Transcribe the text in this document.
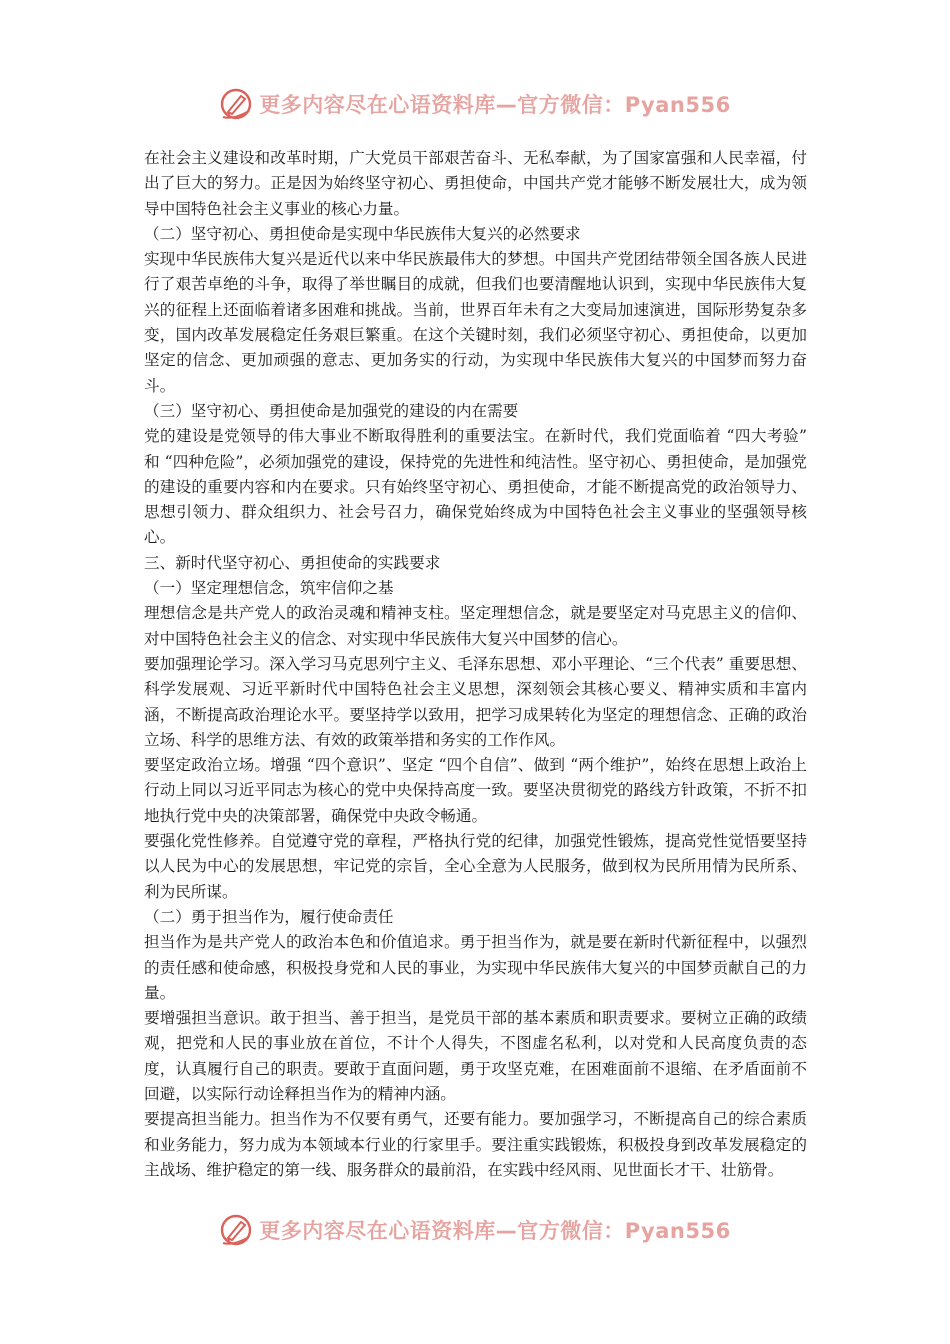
更多内容尽在心语资料库—官方微信：Pyan556

在社会主义建设和改革时期，广大党员干部艰苦奋斗、无私奉献，为了国家富强和人民幸福，付出了巨大的努力。正是因为始终坚守初心、勇担使命，中国共产党才能够不断发展壮大，成为领导中国特色社会主义事业的核心力量。

（二）坚守初心、勇担使命是实现中华民族伟大复兴的必然要求

实现中华民族伟大复兴是近代以来中华民族最伟大的梦想。中国共产党团结带领全国各族人民进行了艰苦卓绝的斗争，取得了举世瞩目的成就，但我们也要清醒地认识到，实现中华民族伟大复兴的征程上还面临着诸多困难和挑战。当前，世界百年未有之大变局加速演进，国际形势复杂多变，国内改革发展稳定任务艰巨繁重。在这个关键时刻，我们必须坚守初心、勇担使命，以更加坚定的信念、更加顽强的意志、更加务实的行动，为实现中华民族伟大复兴的中国梦而努力奋斗。

（三）坚守初心、勇担使命是加强党的建设的内在需要

党的建设是党领导的伟大事业不断取得胜利的重要法宝。在新时代，我们党面临着 “四大考验” 和 “四种危险”，必须加强党的建设，保持党的先进性和纯洁性。坚守初心、勇担使命，是加强党的建设的重要内容和内在要求。只有始终坚守初心、勇担使命，才能不断提高党的政治领导力、思想引领力、群众组织力、社会号召力，确保党始终成为中国特色社会主义事业的坚强领导核心。

三、新时代坚守初心、勇担使命的实践要求

（一）坚定理想信念，筑牢信仰之基

理想信念是共产党人的政治灵魂和精神支柱。坚定理想信念，就是要坚定对马克思主义的信仰、对中国特色社会主义的信念、对实现中华民族伟大复兴中国梦的信心。

要加强理论学习。深入学习马克思列宁主义、毛泽东思想、邓小平理论、“三个代表” 重要思想、科学发展观、习近平新时代中国特色社会主义思想，深刻领会其核心要义、精神实质和丰富内涵，不断提高政治理论水平。要坚持学以致用，把学习成果转化为坚定的理想信念、正确的政治立场、科学的思维方法、有效的政策举措和务实的工作作风。

要坚定政治立场。增强 “四个意识”、坚定 “四个自信”、做到 “两个维护”，始终在思想上政治上行动上同以习近平同志为核心的党中央保持高度一致。要坚决贯彻党的路线方针政策，不折不扣地执行党中央的决策部署，确保党中央政令畅通。

要强化党性修养。自觉遵守党的章程，严格执行党的纪律，加强党性锻炼，提高党性觉悟要坚持以人民为中心的发展思想，牢记党的宗旨，全心全意为人民服务，做到权为民所用情为民所系、利为民所谋。

（二）勇于担当作为，履行使命责任

担当作为是共产党人的政治本色和价值追求。勇于担当作为，就是要在新时代新征程中，以强烈的责任感和使命感，积极投身党和人民的事业，为实现中华民族伟大复兴的中国梦贡献自己的力量。

要增强担当意识。敢于担当、善于担当，是党员干部的基本素质和职责要求。要树立正确的政绩观，把党和人民的事业放在首位，不计个人得失，不图虚名私利，以对党和人民高度负责的态度，认真履行自己的职责。要敢于直面问题，勇于攻坚克难，在困难面前不退缩、在矛盾面前不回避，以实际行动诠释担当作为的精神内涵。

要提高担当能力。担当作为不仅要有勇气，还要有能力。要加强学习，不断提高自己的综合素质和业务能力，努力成为本领域本行业的行家里手。要注重实践锻炼，积极投身到改革发展稳定的主战场、维护稳定的第一线、服务群众的最前沿，在实践中经风雨、见世面长才干、壮筋骨。

更多内容尽在心语资料库—官方微信：Pyan556
